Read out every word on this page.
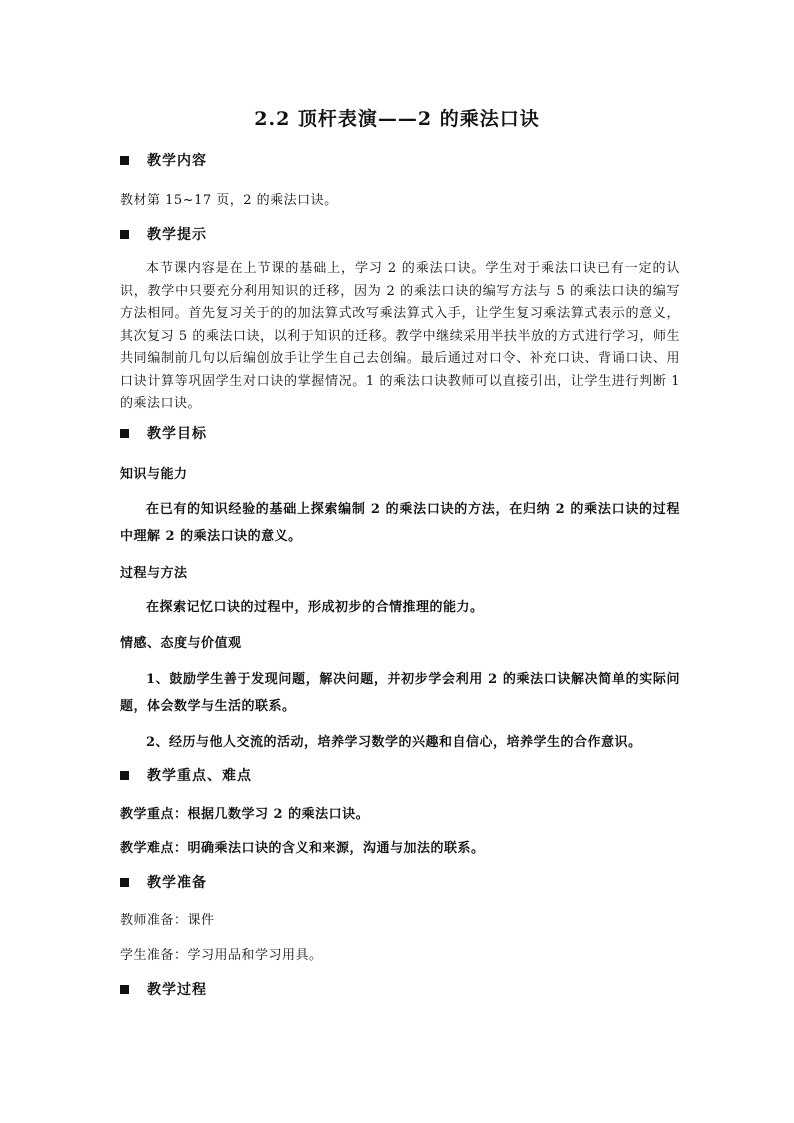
2.2 顶杆表演——2 的乘法口诀
教学内容
教材第 15~17 页，2 的乘法口诀。
教学提示
本节课内容是在上节课的基础上，学习 2 的乘法口诀。学生对于乘法口诀已有一定的认识，教学中只要充分利用知识的迁移，因为 2 的乘法口诀的编写方法与 5 的乘法口诀的编写方法相同。首先复习关于的的加法算式改写乘法算式入手，让学生复习乘法算式表示的意义，其次复习 5 的乘法口诀，以利于知识的迁移。教学中继续采用半扶半放的方式进行学习，师生共同编制前几句以后编创放手让学生自己去创编。最后通过对口令、补充口诀、背诵口诀、用口诀计算等巩固学生对口诀的掌握情况。1 的乘法口诀教师可以直接引出，让学生进行判断 1 的乘法口诀。
教学目标
知识与能力
在已有的知识经验的基础上探索编制 2 的乘法口诀的方法，在归纳 2 的乘法口诀的过程中理解 2 的乘法口诀的意义。
过程与方法
在探索记忆口诀的过程中，形成初步的合情推理的能力。
情感、态度与价值观
1、鼓励学生善于发现问题，解决问题，并初步学会利用 2 的乘法口诀解决简单的实际问题，体会数学与生活的联系。
2、经历与他人交流的活动，培养学习数学的兴趣和自信心，培养学生的合作意识。
教学重点、难点
教学重点：根据几数学习 2 的乘法口诀。
教学难点：明确乘法口诀的含义和来源，沟通与加法的联系。
教学准备
教师准备：课件
学生准备：学习用品和学习用具。
教学过程
